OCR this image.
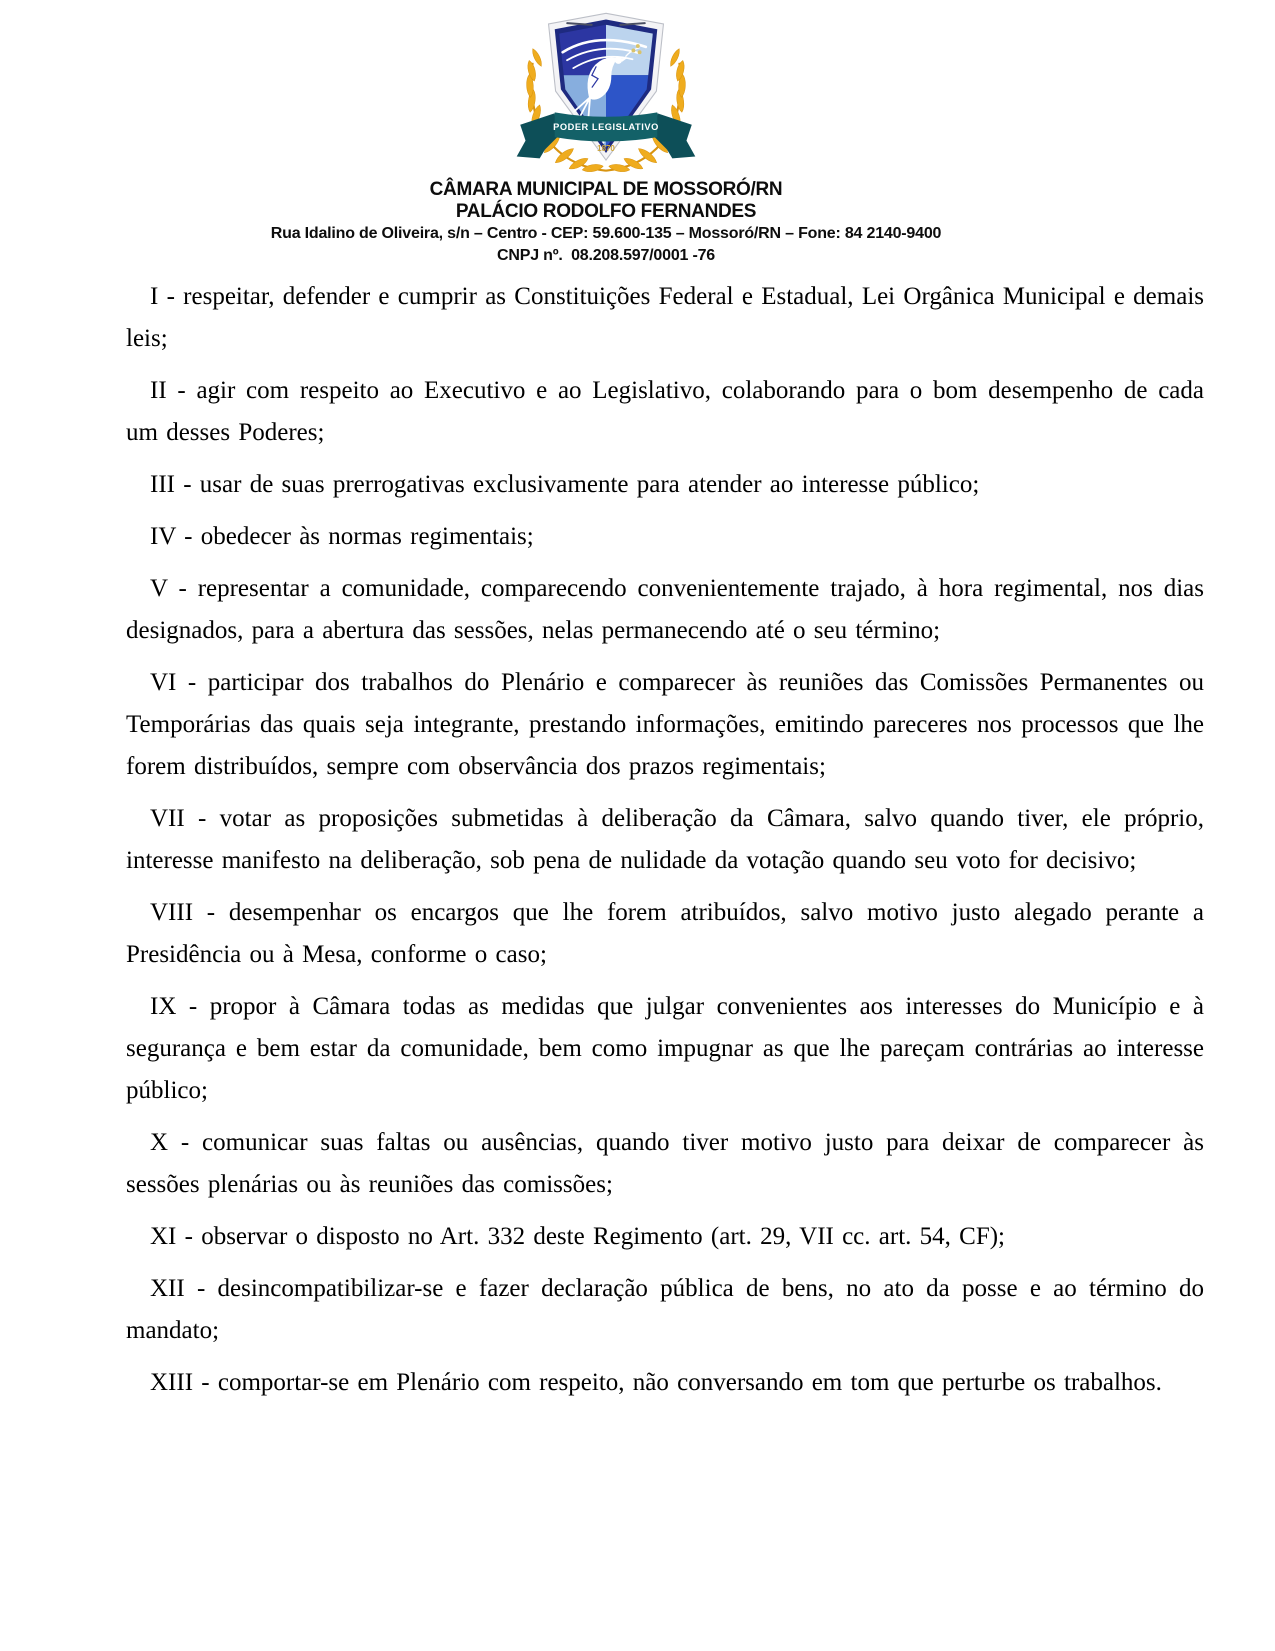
PODER LEGISLATIVO
1870
CÂMARA MUNICIPAL DE MOSSORÓ/RN
PALÁCIO RODOLFO FERNANDES
Rua Idalino de Oliveira, s/n – Centro - CEP: 59.600-135 – Mossoró/RN – Fone: 84 2140-9400
CNPJ nº.  08.208.597/0001 -76

I - respeitar, defender e cumprir as Constituições Federal e Estadual, Lei Orgânica Municipal e demais leis;

II - agir com respeito ao Executivo e ao Legislativo, colaborando para o bom desempenho de cada um desses Poderes;

III - usar de suas prerrogativas exclusivamente para atender ao interesse público;

IV - obedecer às normas regimentais;

V - representar a comunidade, comparecendo convenientemente trajado, à hora regimental, nos dias designados, para a abertura das sessões, nelas permanecendo até o seu término;

VI - participar dos trabalhos do Plenário e comparecer às reuniões das Comissões Permanentes ou Temporárias das quais seja integrante, prestando informações, emitindo pareceres nos processos que lhe forem distribuídos, sempre com observância dos prazos regimentais;

VII - votar as proposições submetidas à deliberação da Câmara, salvo quando tiver, ele próprio, interesse manifesto na deliberação, sob pena de nulidade da votação quando seu voto for decisivo;

VIII - desempenhar os encargos que lhe forem atribuídos, salvo motivo justo alegado perante a Presidência ou à Mesa, conforme o caso;

IX - propor à Câmara todas as medidas que julgar convenientes aos interesses do Município e à segurança e bem estar da comunidade, bem como impugnar as que lhe pareçam contrárias ao interesse público;

X - comunicar suas faltas ou ausências, quando tiver motivo justo para deixar de comparecer às sessões plenárias ou às reuniões das comissões;

XI - observar o disposto no Art. 332 deste Regimento (art. 29, VII cc. art. 54, CF);

XII - desincompatibilizar-se e fazer declaração pública de bens, no ato da posse e ao término do mandato;

XIII - comportar-se em Plenário com respeito, não conversando em tom que perturbe os trabalhos.
